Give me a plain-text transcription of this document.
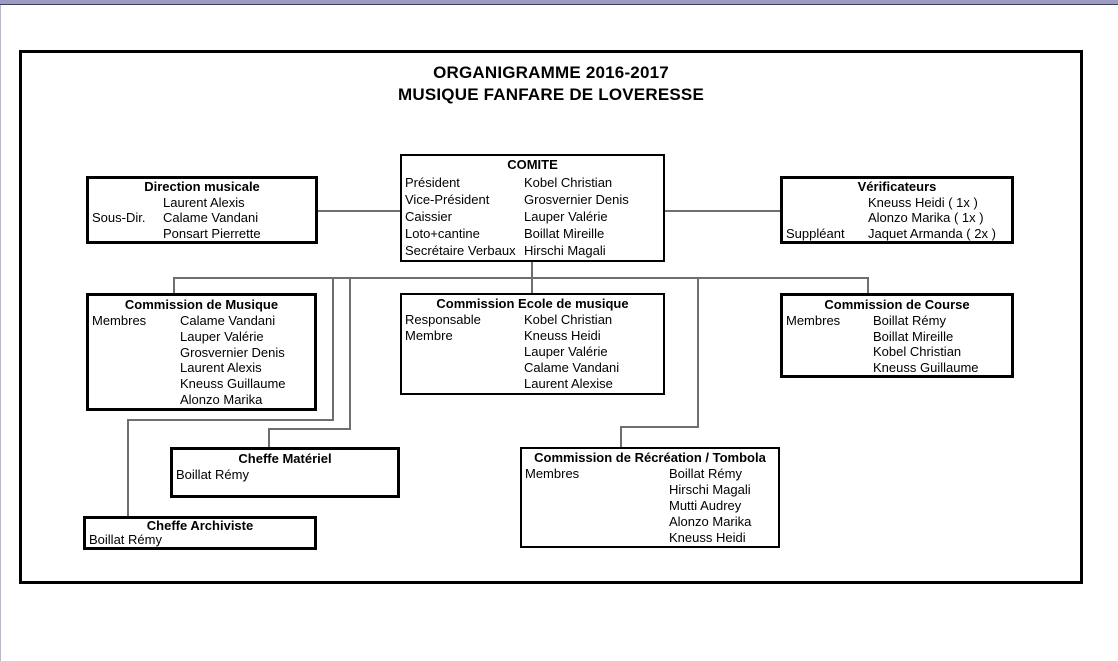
ORGANIGRAMME 2016-2017
MUSIQUE FANFARE DE LOVERESSE
COMITE
Président	Kobel Christian
Vice-Président	Grosvernier Denis
Caissier	Lauper Valérie
Loto+cantine	Boillat Mireille
Secrétaire Verbaux Hirschi Magali
Direction musicale
Laurent Alexis
Sous-Dir.	Calame Vandani
Ponsart Pierrette
Vérificateurs
Kneuss Heidi ( 1x )
Alonzo Marika ( 1x )
Suppléant	Jaquet Armanda ( 2x )
Commission de Musique
Membres	Calame Vandani
Lauper Valérie
Grosvernier Denis
Laurent Alexis
Kneuss Guillaume
Alonzo Marika
Commission Ecole de musique
Responsable	Kobel Christian
Membre	Kneuss Heidi
Lauper Valérie
Calame Vandani
Laurent Alexise
Commission de Course
Membres	Boillat Rémy
Boillat Mireille
Kobel Christian
Kneuss Guillaume
Cheffe Matériel
Boillat Rémy
Cheffe Archiviste
Boillat Rémy
Commission de Récréation / Tombola
Membres	Boillat Rémy
Hirschi Magali
Mutti Audrey
Alonzo Marika
Kneuss Heidi
